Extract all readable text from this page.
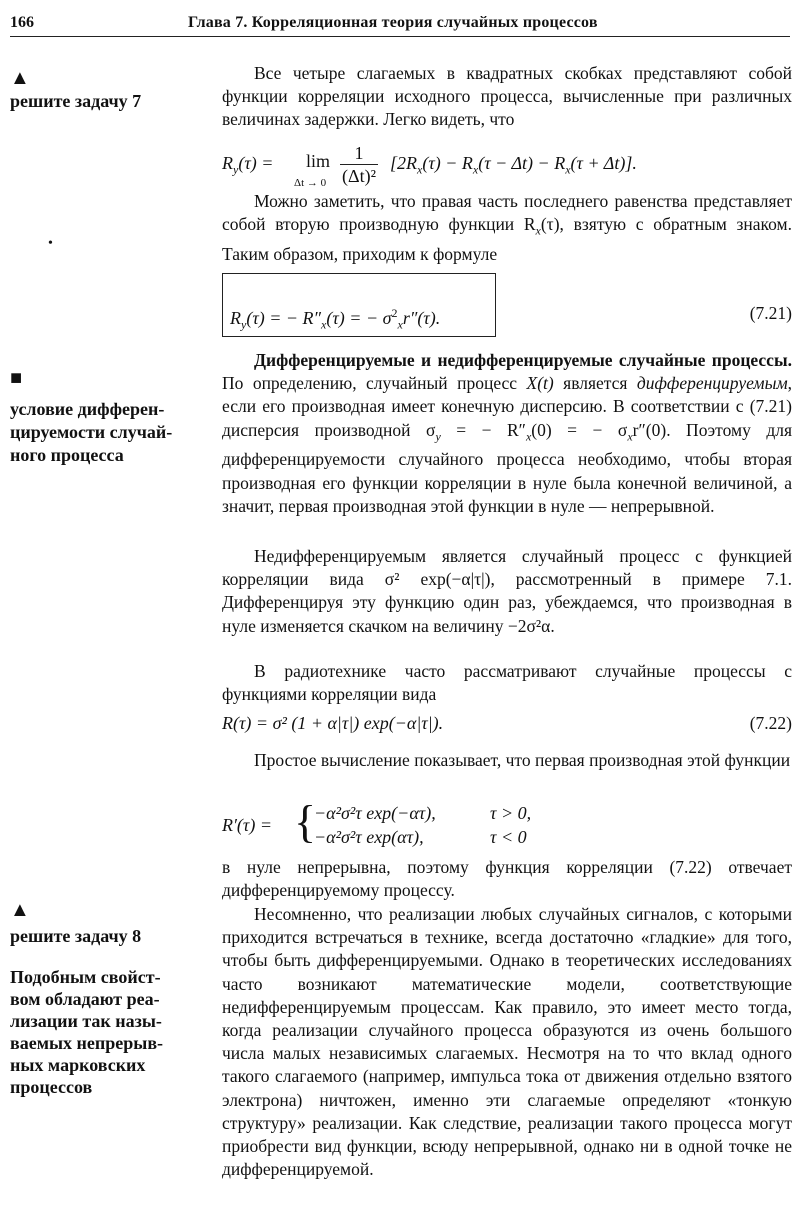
166	Глава 7. Корреляционная теория случайных процессов
▲
решите задачу 7
•
■
условие дифферен-
цируемости случай-
ного процесса
▲
решите задачу 8
Подобным свойст-
вом обладают реа-
лизации так назы-
ваемых непрерыв-
ных марковских
процессов

Все четыре слагаемых в квадратных скобках представляют собой функции корреляции исходного процесса, вычисленные при различных величинах задержки. Легко видеть, что

$R_y(\tau) = \lim$
$\Delta t \to 0 \frac{1}{\text{(Δt)²}} [2R_x(\tau) - R_x(\tau - \Delta t) - R_x(\tau + \Delta t)]$.

Можно заметить, что правая часть последнего равенства представляет собой вторую производную функции $R_x(\tau)$, взятую с обратным знаком. Таким образом, приходим к формуле

$R_y(\tau)$ = − $R''_x(\tau)$ = − $\sigma^2_xr''(\tau)$.	(7.21)

Дифференцируемые и недифференцируемые случайные процессы. По определению, случайный процесс X(t) является дифференцируемым, если его производная имеет конечную дисперсию. В соответствии с (7.21) дисперсия производной $\sigma_y$ = − $R''_x(0)$ = − $\sigma_xr''(0)$. Поэтому для дифференцируемости случайного процесса необходимо, чтобы вторая производная его функции корреляции в нуле была конечной величиной, а значит, первая производная этой функции в нуле — непрерывной.

Недифференцируемым является случайный процесс с функцией корреляции вида σ² exp(−α|τ|), рассмотренный в примере 7.1. Дифференцируя эту функцию один раз, убеждаемся, что производная в нуле изменяется скачком на величину −2σ²α.

В радиотехнике часто рассматривают случайные процессы с функциями корреляции вида

R(τ) = σ² (1 + α|τ|) exp(−α|τ|).	(7.22)

Простое вычисление показывает, что первая производная этой функции

R′(τ) = {
−α²σ²τ exp(−ατ),	τ > 0,
−α²σ²τ exp(ατ),	τ < 0

в нуле непрерывна, поэтому функция корреляции (7.22) отвечает дифференцируемому процессу.

Несомненно, что реализации любых случайных сигналов, с которыми приходится встречаться в технике, всегда достаточно «гладкие» для того, чтобы быть дифференцируемыми. Однако в теоретических исследованиях часто возникают математические модели, соответствующие недифференцируемым процессам. Как правило, это имеет место тогда, когда реализации случайного процесса образуются из очень большого числа малых независимых слагаемых. Несмотря на то что вклад одного такого слагаемого (например, импульса тока от движения отдельно взятого электрона) ничтожен, именно эти слагаемые определяют «тонкую структуру» реализации. Как следствие, реализации такого процесса могут приобрести вид функции, всюду непрерывной, однако ни в одной точке не дифференцируемой.
